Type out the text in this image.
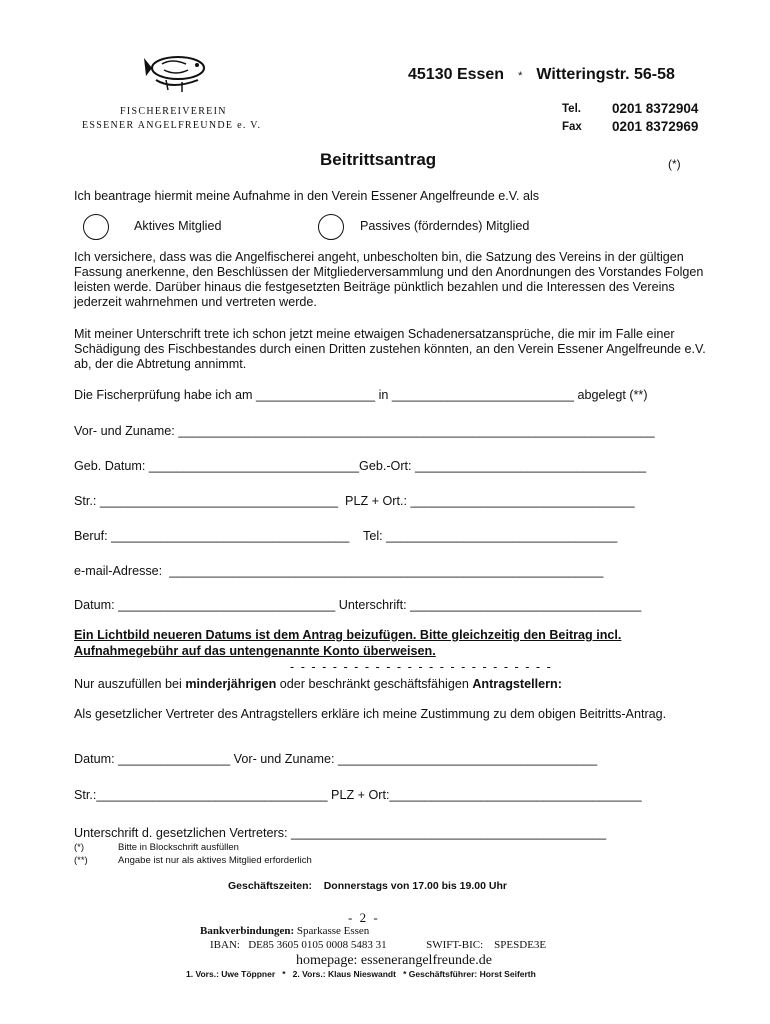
FISCHEREIVEREIN
ESSENER ANGELFREUNDE e. V.
45130 Essen * Witteringstr. 56-58
Tel. 0201 8372904
Fax 0201 8372969
Beitrittsantrag	(*)
Ich beantrage hiermit meine Aufnahme in den Verein Essener Angelfreunde e.V. als
Aktives Mitglied	Passives (förderndes) Mitglied
Ich versichere, dass was die Angelfischerei angeht, unbescholten bin, die Satzung des Vereins in der gültigen Fassung anerkenne, den Beschlüssen der Mitgliederversammlung und den Anordnungen des Vorstandes Folgen leisten werde. Darüber hinaus die festgesetzten Beiträge pünktlich bezahlen und die Interessen des Vereins jederzeit wahrnehmen und vertreten werde.
Mit meiner Unterschrift trete ich schon jetzt meine etwaigen Schadenersatzansprüche, die mir im Falle einer Schädigung des Fischbestandes durch einen Dritten zustehen könnten, an den Verein Essener Angelfreunde e.V. ab, der die Abtretung annimmt.
Die Fischerprüfung habe ich am _________________ in __________________________ abgelegt (**)
Vor- und Zuname: ____________________________________________________________________
Geb. Datum: ______________________________Geb.-Ort: _________________________________
Str.: __________________________________ PLZ + Ort.: ________________________________
Beruf: __________________________________ Tel: _________________________________
e-mail-Adresse: ______________________________________________________________
Datum: _______________________________ Unterschrift: _________________________________
Ein Lichtbild neueren Datums ist dem Antrag beizufügen. Bitte gleichzeitig den Beitrag incl.
Aufnahmegebühr auf das untengenannte Konto überweisen.
- - - - - - - - - - - - - - - - - - - - - - - - -
Nur auszufüllen bei minderjährigen oder beschränkt geschäftsfähigen Antragstellern:
Als gesetzlicher Vertreter des Antragstellers erkläre ich meine Zustimmung zu dem obigen Beitritts-Antrag.
Datum: ________________ Vor- und Zuname: _____________________________________
Str.:_________________________________ PLZ + Ort:____________________________________
Unterschrift d. gesetzlichen Vertreters: _____________________________________________
(*)	Bitte in Blockschrift ausfüllen
(**)	Angabe ist nur als aktives Mitglied erforderlich
Geschäftszeiten: Donnerstags von 17.00 bis 19.00 Uhr
- 2 -
Bankverbindungen: Sparkasse Essen
IBAN: DE85 3605 0105 0008 5483 31	SWIFT-BIC: SPESDE3E
homepage: essenerangelfreunde.de
1. Vors.: Uwe Töppner * 2. Vors.: Klaus Nieswandt * Geschäftsführer: Horst Seiferth
